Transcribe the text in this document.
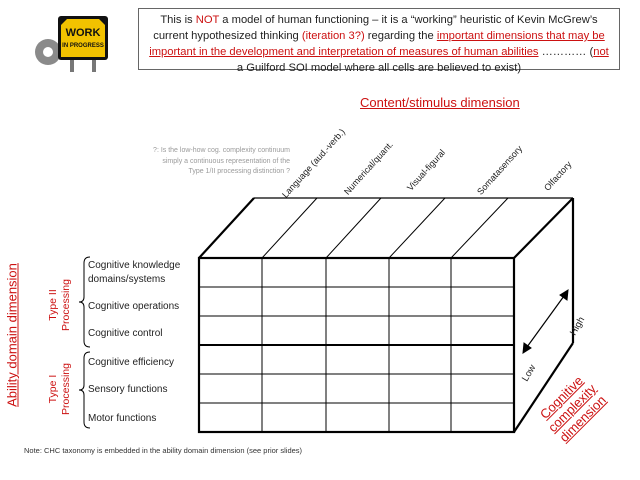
WORK
IN PROGRESS
This is NOT a model of human functioning – it is a “working” heuristic of Kevin McGrew’s current hypothesized thinking (iteration 3?) regarding the important dimensions that may be important in the development and interpretation of measures of human abilities ………… (not a Guilford SOI model where all cells are believed to exist)
?: Is the low-how cog. complexity continuum simply a continuous representation of the Type 1/II processing distinction ?
Content/stimulus dimension
Language (aud.-verb.)
Numerical/quant. Visual-figural	Somatasensory Olfactory
Cognitive knowledge domains/systems
Cognitive operations
Cognitive control
Cognitive efficiency
Sensory functions
Motor functions
Type II Processing
Type I Processing
Ability domain dimension	Low
High
Cognitive complexity dimension
Note: CHC taxonomy is embedded in the ability domain dimension (see prior slides)
